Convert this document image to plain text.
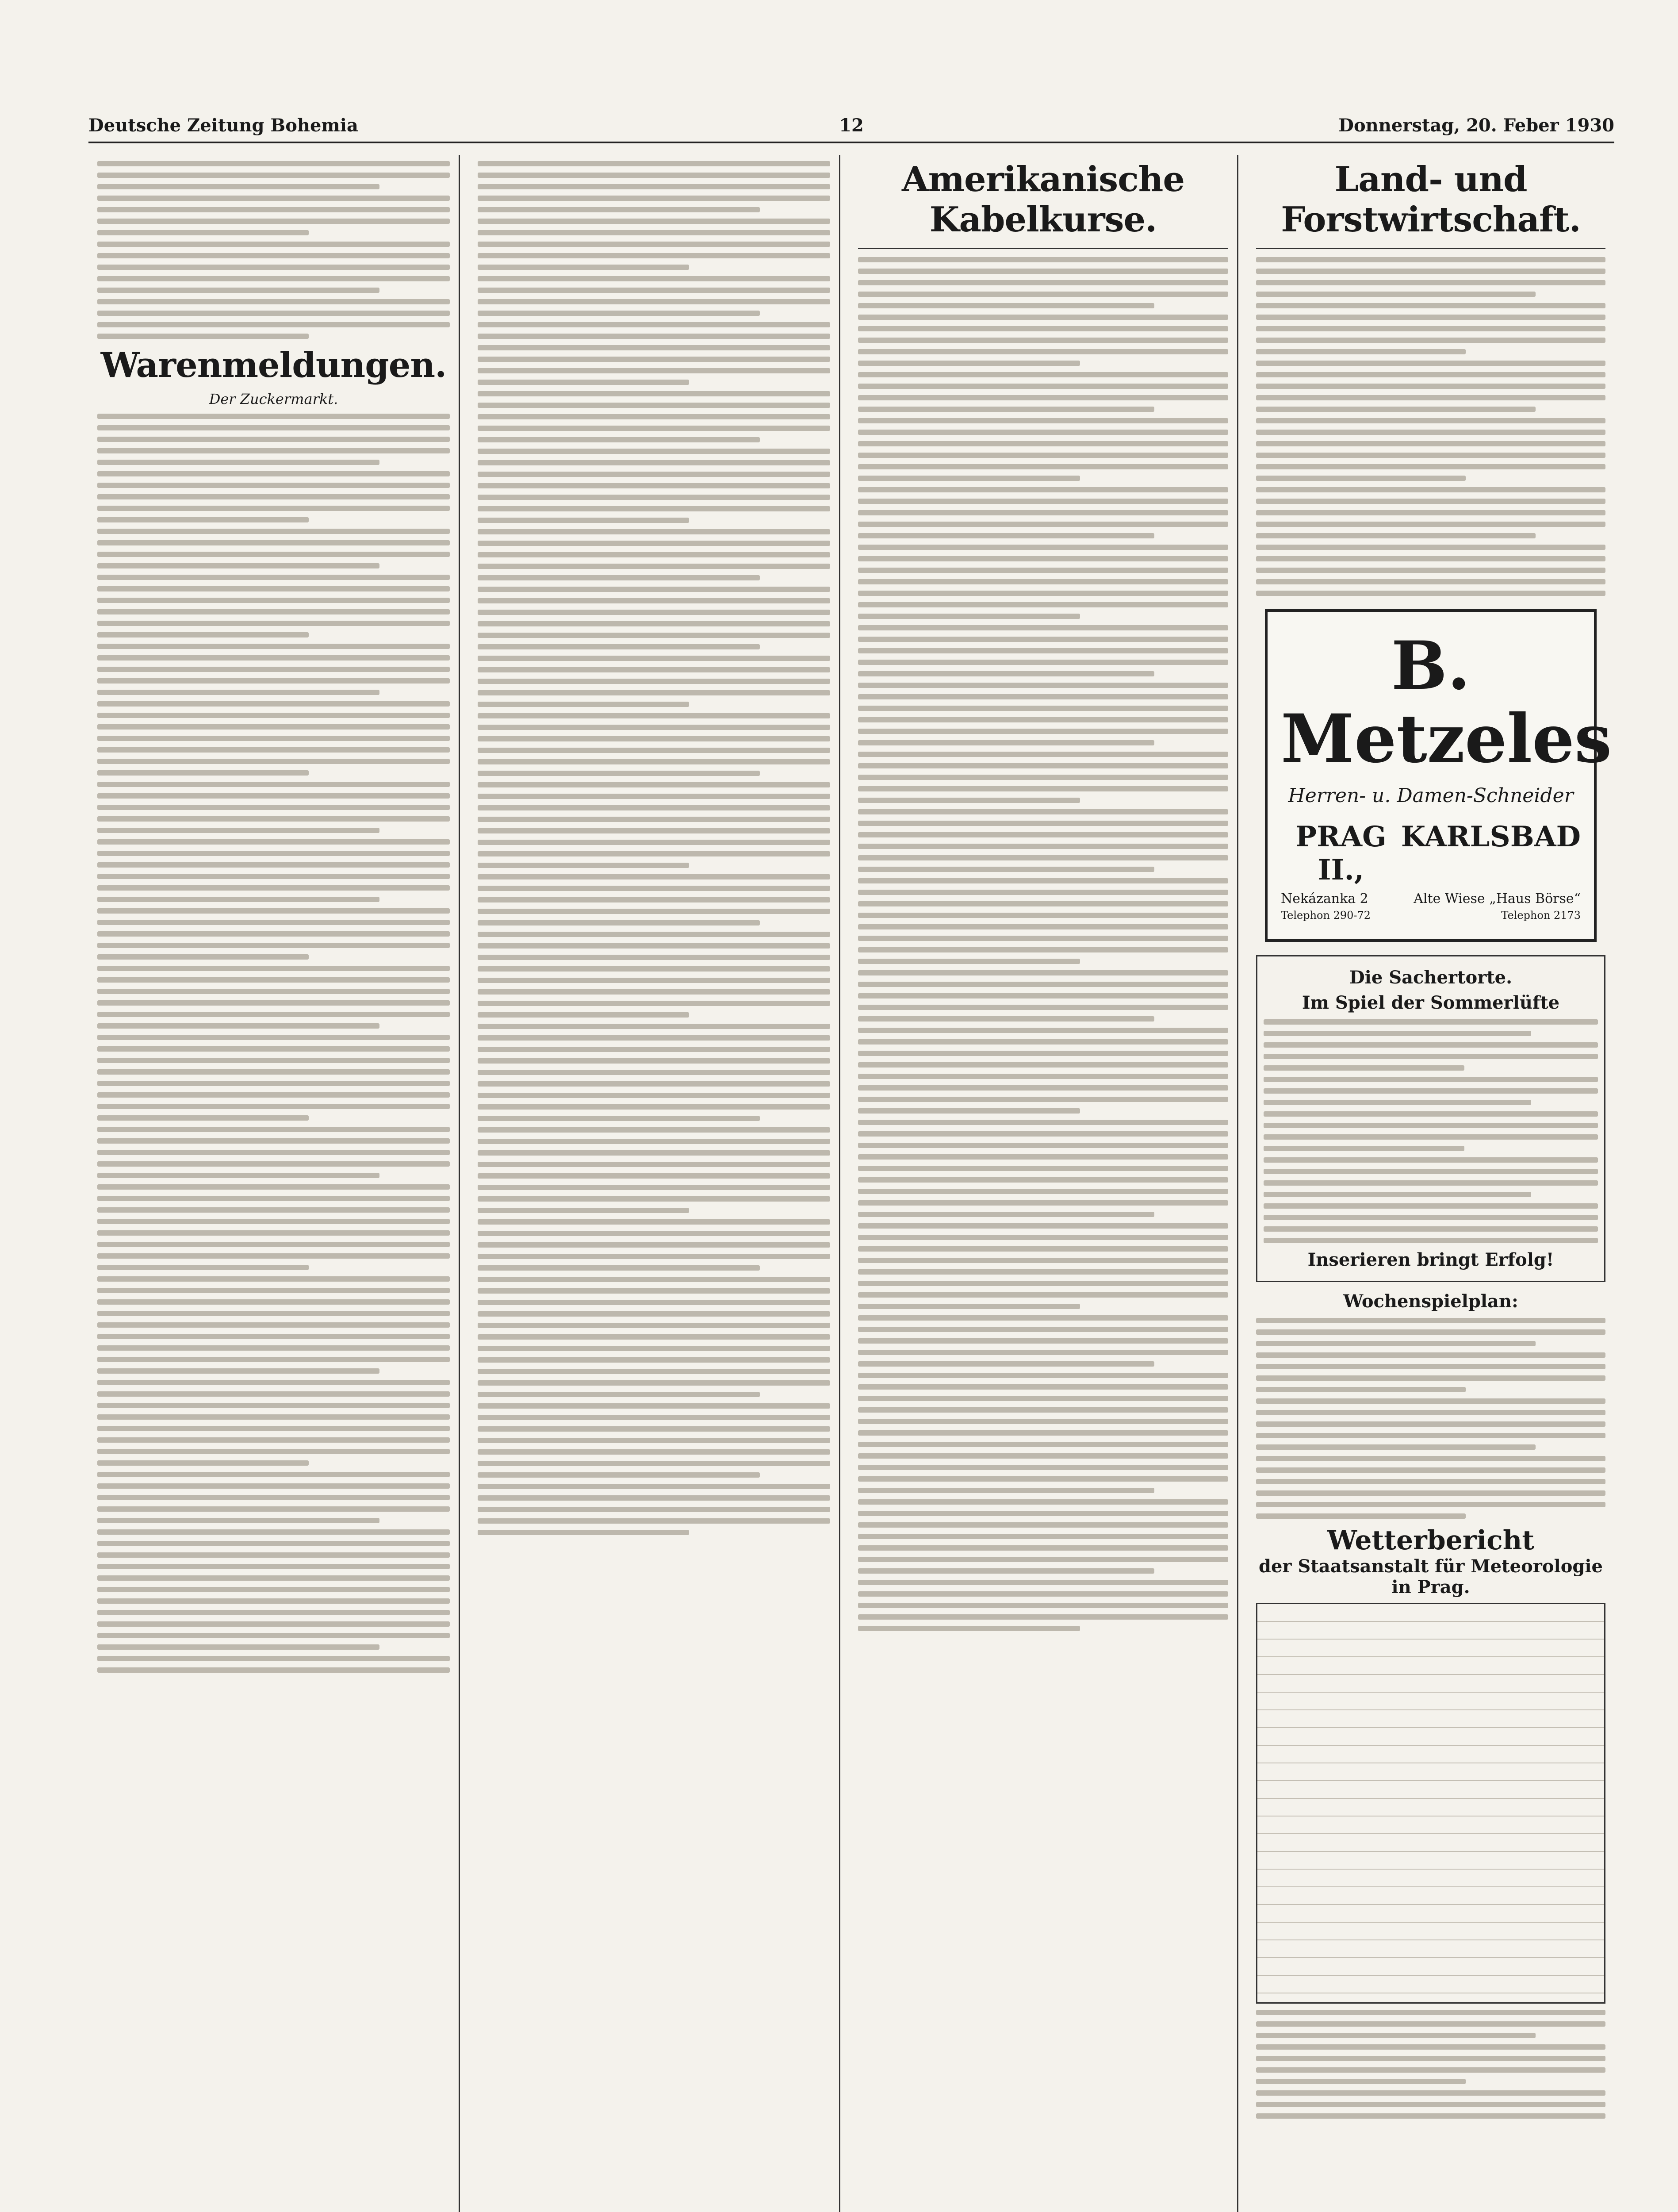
Deutsche Zeitung Bohemia	12	Donnerstag, 20. Feber 1930
Warenmeldungen.
Der Zuckermarkt.
Amerikanische Kabelkurse.
Land- und Forstwirtschaft.
B. Metzeles
Herren- u. Damen-Schneider
PRAG II.,
KARLSBAD
Nekázanka 2	Alte Wiese „Haus Börse“
Telephon 290-72	Telephon 2173
Die Sachertorte.
Im Spiel der Sommerlüfte
Inserieren bringt Erfolg!
Wochenspielplan:
Wetterbericht
der Staatsanstalt für Meteorologie in Prag.
